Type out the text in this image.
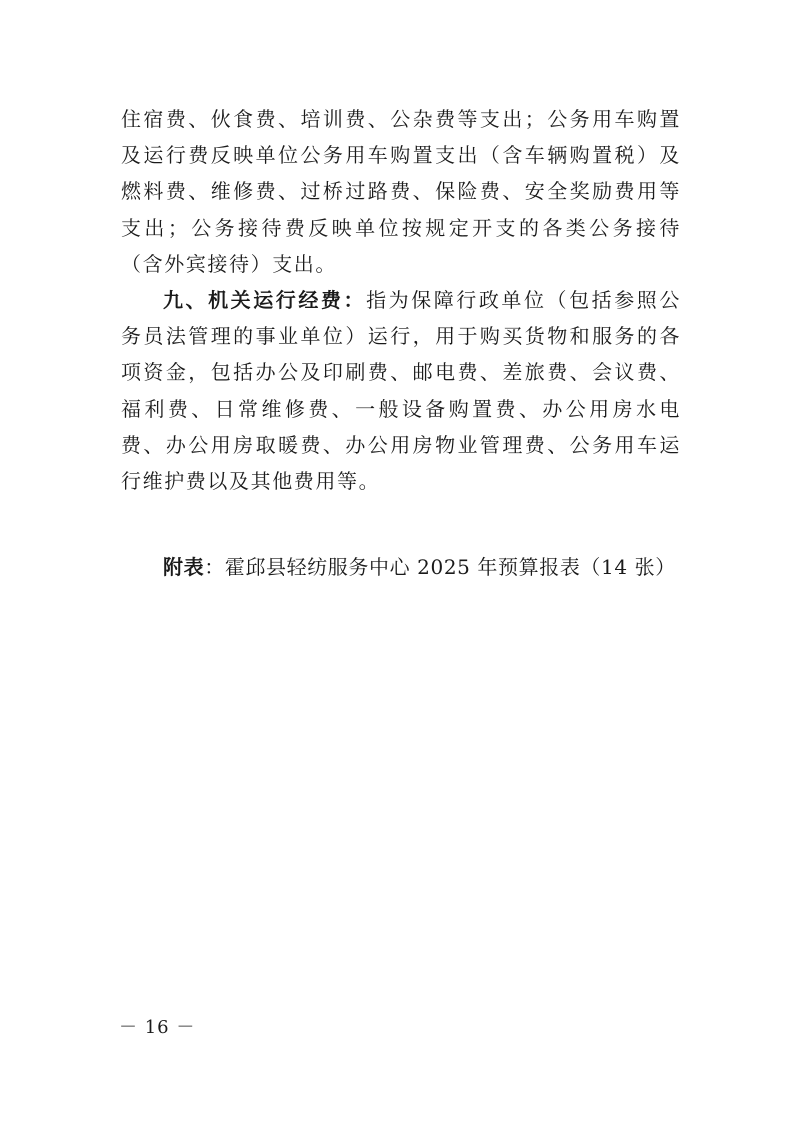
住宿费、伙食费、培训费、公杂费等支出；公务用车购置及运行费反映单位公务用车购置支出（含车辆购置税）及燃料费、维修费、过桥过路费、保险费、安全奖励费用等支出；公务接待费反映单位按规定开支的各类公务接待（含外宾接待）支出。

九、机关运行经费：指为保障行政单位（包括参照公务员法管理的事业单位）运行，用于购买货物和服务的各项资金，包括办公及印刷费、邮电费、差旅费、会议费、福利费、日常维修费、一般设备购置费、办公用房水电费、办公用房取暖费、办公用房物业管理费、公务用车运行维护费以及其他费用等。

附表：霍邱县轻纺服务中心 2025 年预算报表（14 张）
－ 16 －
